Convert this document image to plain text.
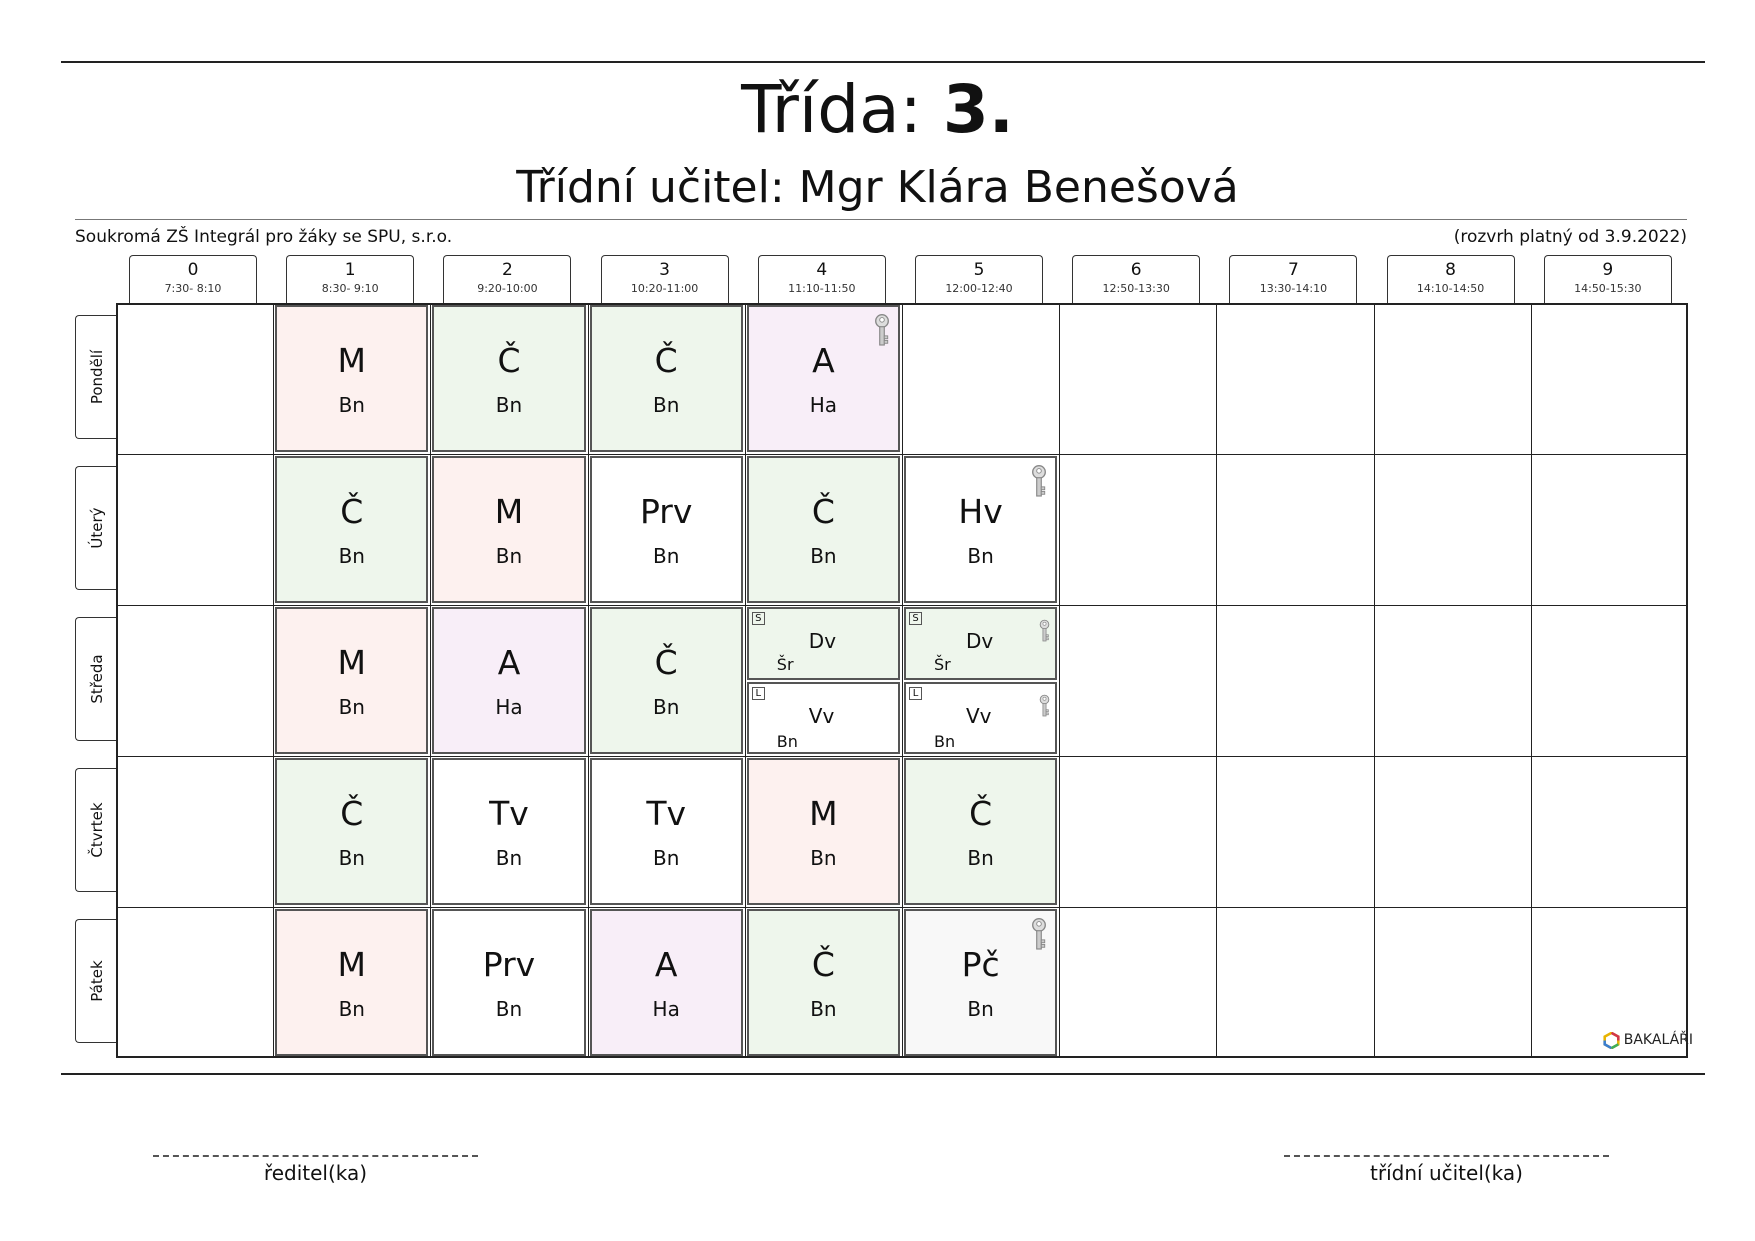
Třída: 3.
Třídní učitel: Mgr Klára Benešová
Soukromá ZŠ Integrál pro žáky se SPU, s.r.o.	(rozvrh platný od 3.9.2022)
0
7:30- 8:10
1
8:30- 9:10
2
9:20-10:00
3
10:20-11:00
4
11:10-11:50
5
12:00-12:40
6
12:50-13:30
7
13:30-14:10
8
14:10-14:50
9
14:50-15:30
Pondělí
Úterý
Středa
Čtvrtek
Pátek
M
Bn
Č
Bn
Č
Bn
A
Ha
Č
Bn
M
Bn
Prv
Bn
Č
Bn
Hv
Bn
M
Bn
A
Ha
Č
Bn
Č
Bn
Tv
Bn
Tv
Bn
M
Bn
Č
Bn
M
Bn
Prv
Bn
A
Ha
Č
Bn
Pč
Bn
S
Dv
Šr
L
Vv
Bn
S
Dv
Šr
L
Vv
Bn
BAKALÁŘI
ředitel(ka)	třídní učitel(ka)
